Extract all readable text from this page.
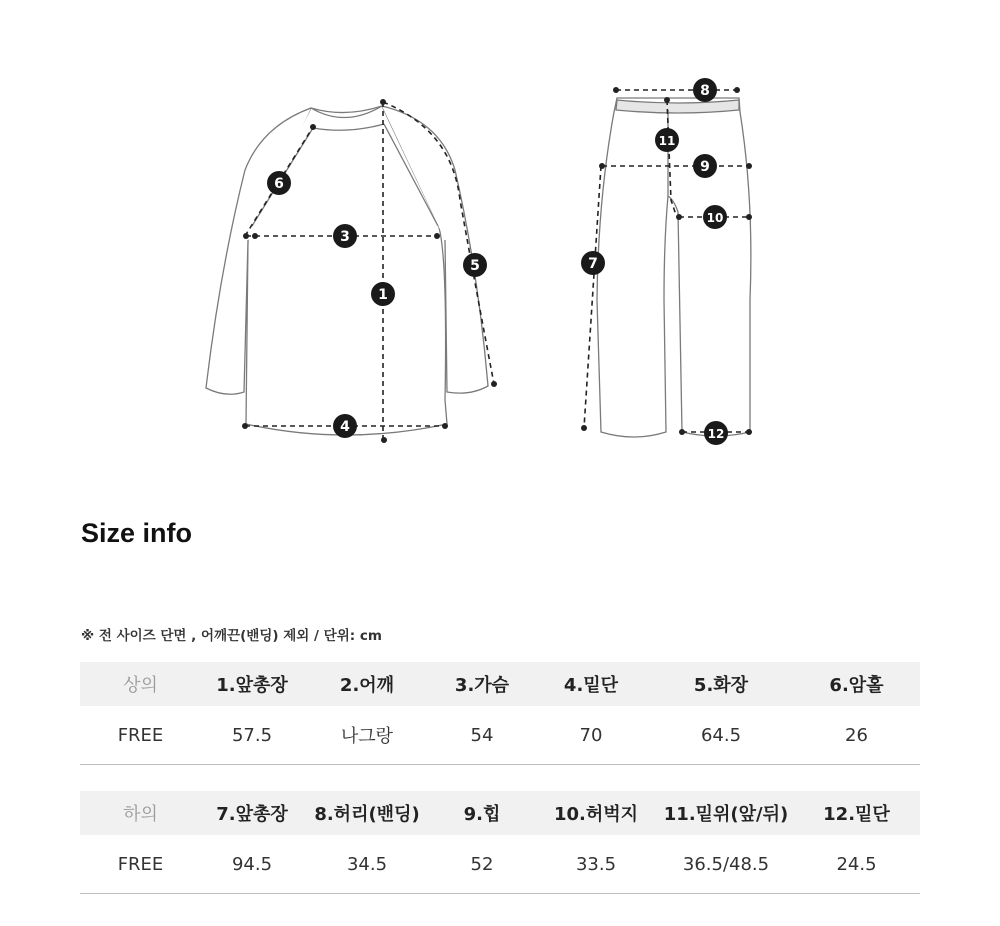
1
3
4
5
6
7
8
9
10
11
12
Size info
※ 전 사이즈 단면 , 어깨끈(밴딩) 제외 / 단위: cm
상의	1.앞총장	2.어깨	3.가슴	4.밑단	5.화장	6.암홀
FREE	57.5	나그랑	54	70	64.5	26
하의	7.앞총장	8.허리(밴딩)	9.힙	10.허벅지	11.밑위(앞/뒤)	12.밑단
FREE	94.5	34.5	52	33.5	36.5/48.5	24.5
